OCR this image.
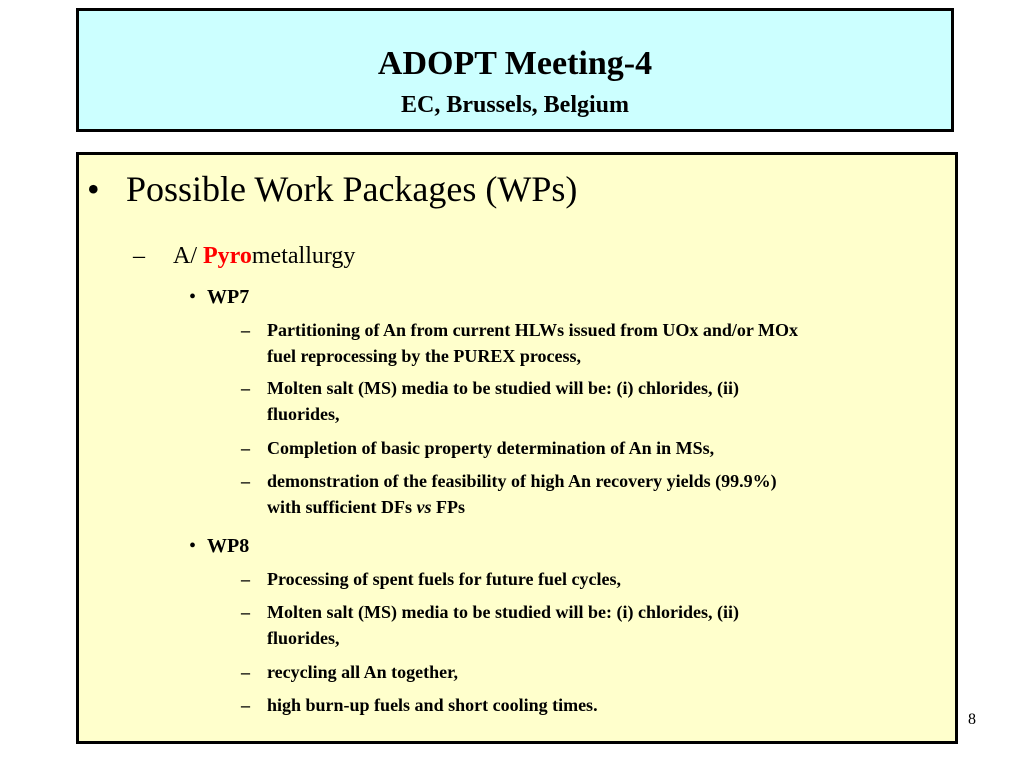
ADOPT Meeting-4
EC, Brussels, Belgium
• Possible Work Packages (WPs)
– A/ Pyrometallurgy
• WP7
– Partitioning of An from current HLWs issued from UOx and/or MOx
fuel reprocessing by the PUREX process,
– Molten salt (MS) media to be studied will be: (i) chlorides, (ii)
fluorides,
– Completion of basic property determination of An in MSs,
– demonstration of the feasibility of high An recovery yields (99.9%)
with sufficient DFs vs FPs
• WP8
– Processing of spent fuels for future fuel cycles,
– Molten salt (MS) media to be studied will be: (i) chlorides, (ii)
fluorides,
– recycling all An together,
– high burn-up fuels and short cooling times.
8
